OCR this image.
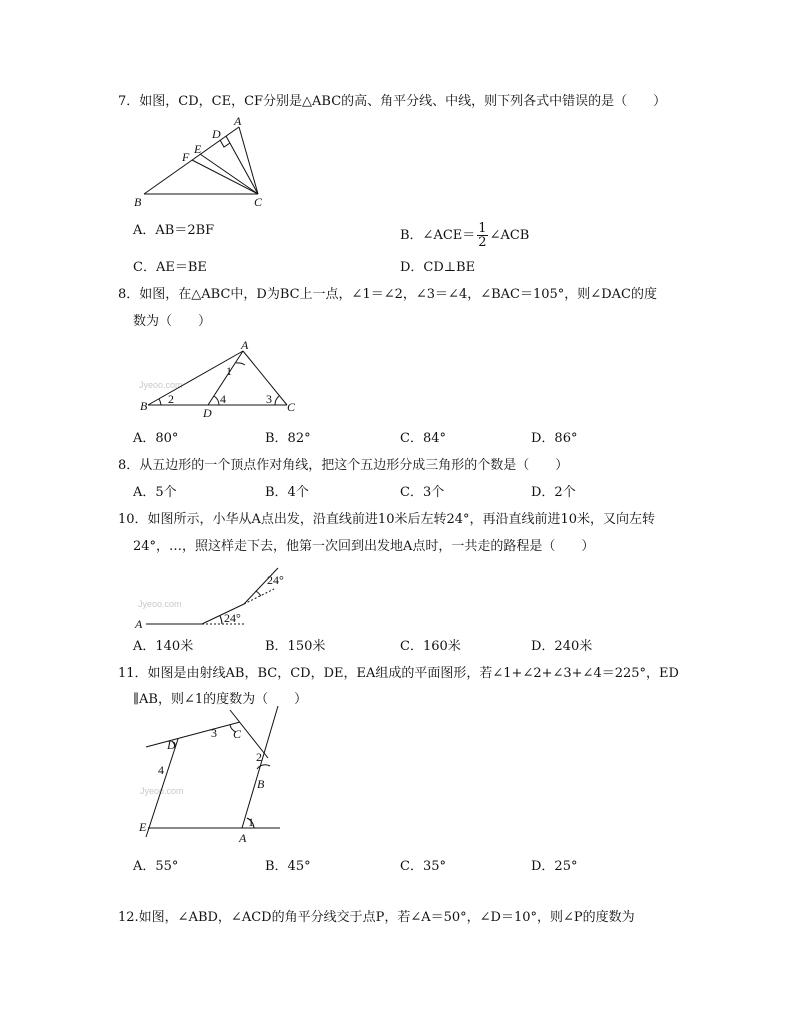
7．如图，CD，CE，CF分别是△ABC的高、角平分线、中线，则下列各式中错误的是（　　）
A
D
E
F
B	C
A．AB＝2BF	B．∠ACE＝ $\frac{1}{2}$ ∠ACB
C．AE＝BE	D．CD⊥BE
8．如图，在△ABC中，D为BC上一点，∠1＝∠2，∠3＝∠4，∠BAC＝105°，则∠DAC的度
数为（　　）
Jyeoo.com
A
B	D	C
1
2	3
4
A．80°	B．82°	C．84°	D．86°
8．从五边形的一个顶点作对角线，把这个五边形分成三角形的个数是（　　）
A．5个	B．4个	C．3个	D．2个
10．如图所示，小华从A点出发，沿直线前进10米后左转24°，再沿直线前进10米，又向左转
24°，…，照这样走下去，他第一次回到出发地A点时，一共走的路程是（　　）
Jyeoo.com
A	24°
24°
A．140米	B．150米	C．160米	D．240米
11．如图是由射线AB，BC，CD，DE，EA组成的平面图形，若∠1+∠2+∠3+∠4＝225°，ED
∥AB，则∠1的度数为（　　）
Jyeoo.com
A
B
C
D
E	1
2
3
4
A．55°	B．45°	C．35°	D．25°
12.如图，∠ABD，∠ACD的角平分线交于点P，若∠A＝50°，∠D＝10°，则∠P的度数为
